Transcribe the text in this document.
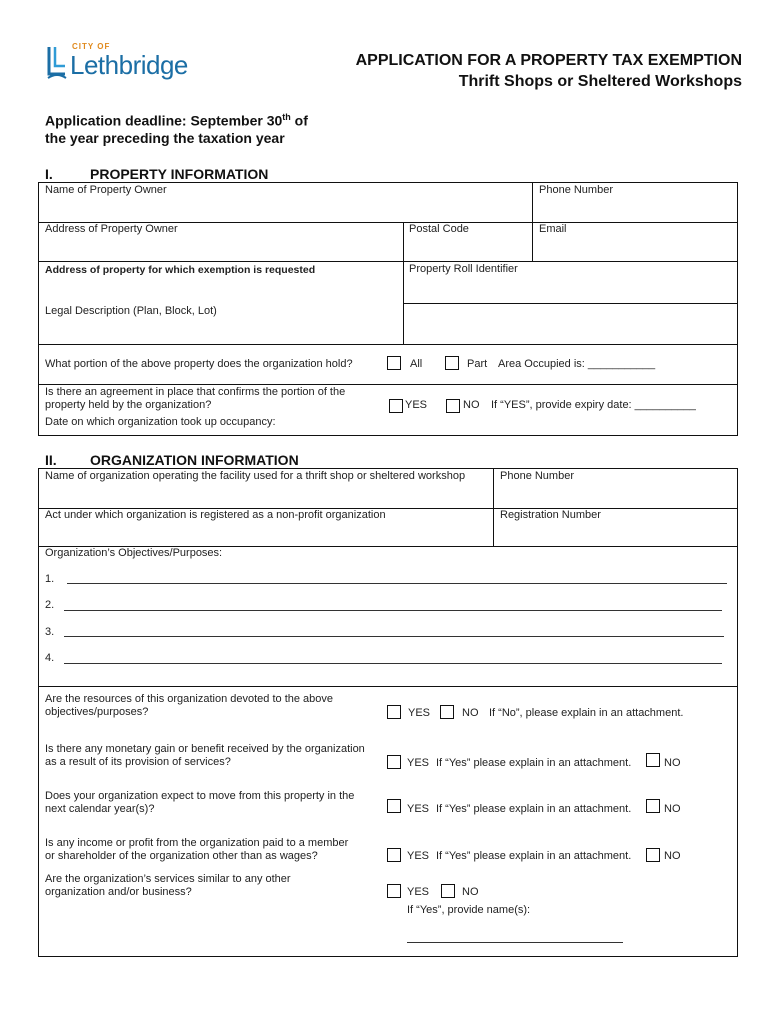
CITY OF
Lethbridge	APPLICATION FOR A PROPERTY TAX EXEMPTION
Thrift Shops or Sheltered Workshops
Application deadline: September 30th of
the year preceding the taxation year
I.	PROPERTY INFORMATION
Name of Property Owner	Phone Number
Address of Property Owner	Postal Code	Email
Address of property for which exemption is requested	Property Roll Identifier
Legal Description (Plan, Block, Lot)
What portion of the above property does the organization hold?	All	Part Area Occupied is: ___________
Is there an agreement in place that confirms the portion of the
property held by the organization?	YES	NO If “YES”, provide expiry date: __________
Date on which organization took up occupancy:
II. ORGANIZATION INFORMATION
Name of organization operating the facility used for a thrift shop or sheltered workshop	Phone Number
Act under which organization is registered as a non-profit organization	Registration Number
Organization’s Objectives/Purposes:
1.
2.
3.
4.
Are the resources of this organization devoted to the above
objectives/purposes?	YES	NO If “No”, please explain in an attachment.
Is there any monetary gain or benefit received by the organization
as a result of its provision of services?	YES If “Yes” please explain in an attachment.	NO
Does your organization expect to move from this property in the
next calendar year(s)?	YES If “Yes” please explain in an attachment.	NO
Is any income or profit from the organization paid to a member
or shareholder of the organization other than as wages?	YES If “Yes” please explain in an attachment.	NO
Are the organization’s services similar to any other
organization and/or business?	YES	NO
If “Yes”, provide name(s):
